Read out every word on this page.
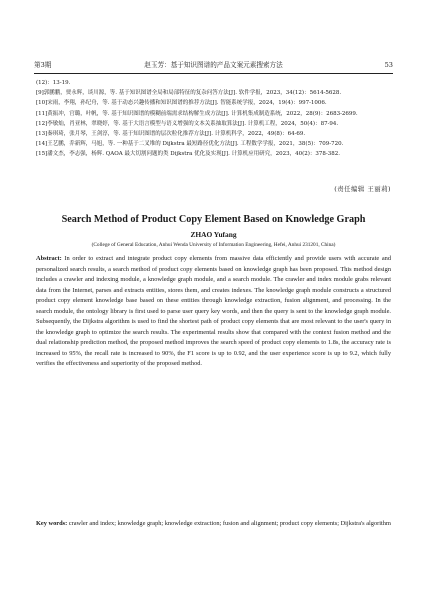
第3期	赵玉芳：基于知识图谱的产品文案元素搜索方法	53
(12)：13-19.
[9]郭鹏鹏，贾永辉，谈川源，等. 基于知识图谱全局和局部特征的复杂问答方法[J]. 软件学报，2023，34(12)：5614-5628.
[10]宋雨，李翔，孙纪舟，等. 基于动态兴趣传播和知识图谱的推荐方法[J]. 智能系统学报，2024，19(4)：997-1006.
[11]黄振冲，官璐，叶帆，等. 基于知识图谱的模糊前端需求结构解生成方法[J]. 计算机集成制造系统，2022，28(9)：2683-2699.
[12]李敏灿，肖亚林，翠晓婷，等. 基于大语言模型与语义增强的文本关系抽取算法[J]. 计算机工程，2024，50(4)：87-94.
[13]秦琪琦，张月琴，王剑淳，等. 基于知识图谱的层次粒化推荐方法[J]. 计算机科学，2022，49(8)：64-69.
[14]王艺鹏，乔新辉，马旭，等. 一种基于二叉堆的 Dijkstra 最短路径优化方法[J]. 工程数学学报，2021，38(5)：709-720.
[15]潘文杰，李志强，杨辉. QAOA 最大切割问题的类 Dijkstra 优化及实现[J]. 计算机应用研究，2023，40(2)：378-382.
(责任编辑 王丽莉)
Search Method of Product Copy Element Based on Knowledge Graph
ZHAO Yufang
(College of General Education, Anhui Wenda University of Information Engineering, Hefei, Anhui 231201, China)

Abstract: In order to extract and integrate product copy elements from massive data efficiently and provide users with accurate and personalized search results, a search method of product copy elements based on knowledge graph has been proposed. This method design includes a crawler and indexing module, a knowledge graph module, and a search module. The crawler and index module grabs relevant data from the Internet, parses and extracts entities, stores them, and creates indexes. The knowledge graph module constructs a structured product copy element knowledge base based on these entities through knowledge extraction, fusion alignment, and processing. In the search module, the ontology library is first used to parse user query key words, and then the query is sent to the knowledge graph module. Subsequently, the Dijkstra algorithm is used to find the shortest path of product copy elements that are most relevant to the user's query in the knowledge graph to optimize the search results. The experimental results show that compared with the context fusion method and the dual relationship prediction method, the proposed method improves the search speed of product copy elements to 1.8s, the accuracy rate is increased to 95%, the recall rate is increased to 90%, the F1 score is up to 0.92, and the user experience score is up to 9.2, which fully verifies the effectiveness and superiority of the proposed method.

Key words: crawler and index; knowledge graph; knowledge extraction; fusion and alignment; product copy elements; Dijkstra's algorithm
